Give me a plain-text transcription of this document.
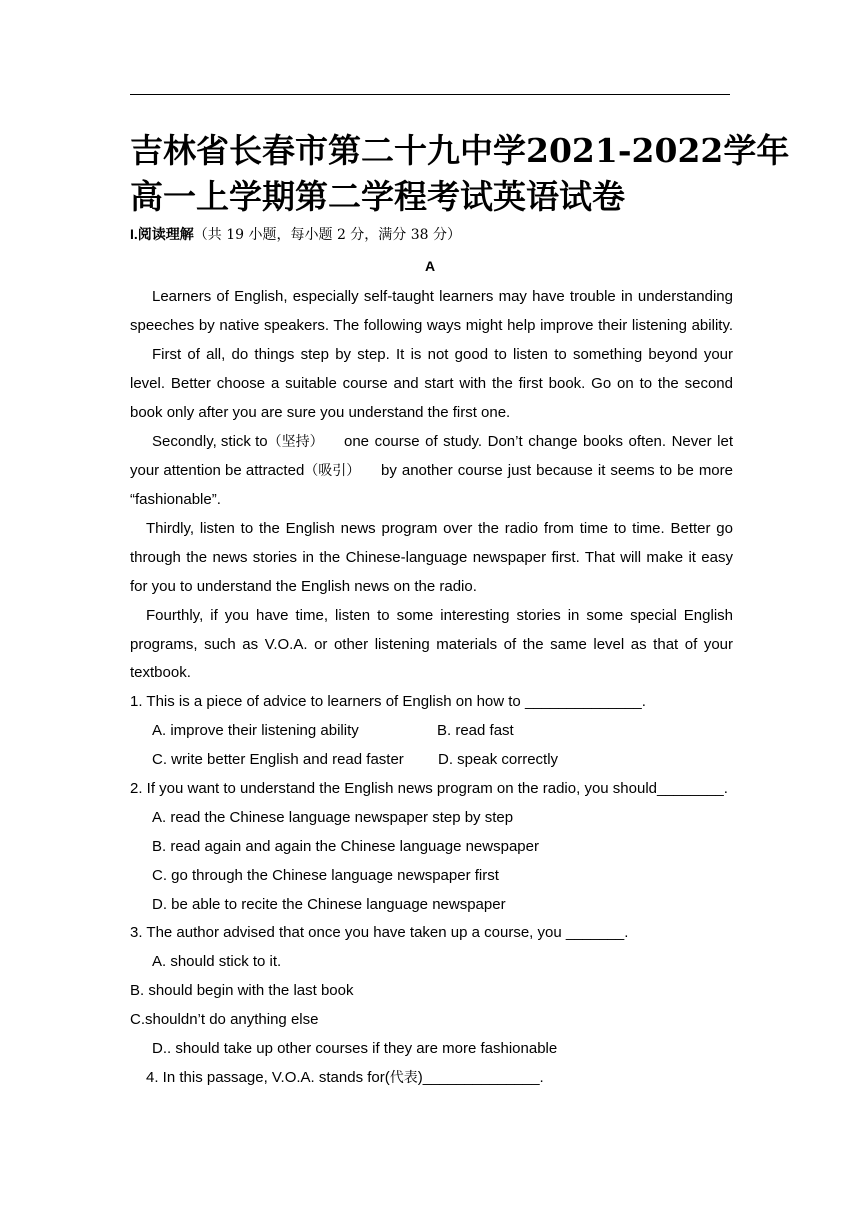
吉林省长春市第二十九中学2021-2022学年
高一上学期第二学程考试英语试卷
I.阅读理解（共 19 小题，每小题 2 分，满分 38 分）
A
Learners of English, especially self-taught learners may have trouble in understanding
speeches by native speakers. The following ways might help improve their listening ability.
First of all, do things step by step. It is not good to listen to something beyond your
level. Better choose a suitable course and start with the first book. Go on to the second
book only after you are sure you understand the first one.
Secondly, stick to（坚持） one course of study. Don’t change books often. Never let
your attention be attracted（吸引） by another course just because it seems to be more
“fashionable”.
Thirdly, listen to the English news program over the radio from time to time. Better go
through the news stories in the Chinese-language newspaper first. That will make it easy
for you to understand the English news on the radio.
Fourthly, if you have time, listen to some interesting stories in some special English
programs, such as V.O.A. or other listening materials of the same level as that of your
textbook.
1. This is a piece of advice to learners of English on how to ______________.
A. improve their listening ability	B. read fast
C. write better English and read faster D. speak correctly
2. If you want to understand the English news program on the radio, you should________.
A. read the Chinese language newspaper step by step
B. read again and again the Chinese language newspaper
C. go through the Chinese language newspaper first
D. be able to recite the Chinese language newspaper
3. The author advised that once you have taken up a course, you _______.
A. should stick to it.
B. should begin with the last book
C.shouldn’t do anything else
D.. should take up other courses if they are more fashionable
4. In this passage, V.O.A. stands for(代表)______________.
